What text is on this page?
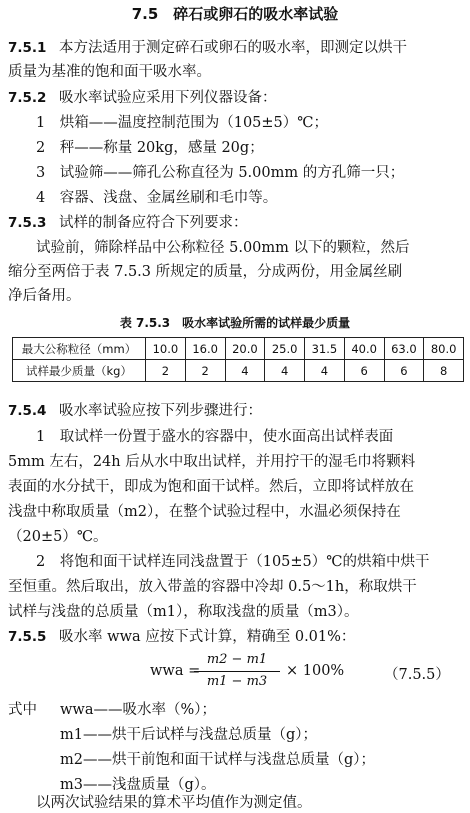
7.5　碎石或卵石的吸水率试验
7.5.1 本方法适用于测定碎石或卵石的吸水率，即测定以烘干
质量为基准的饱和面干吸水率。
7.5.2 吸水率试验应采用下列仪器设备：
1　烘箱——温度控制范围为（105±5）℃；
2　秤——称量 20kg，感量 20g；
3　试验筛——筛孔公称直径为 5.00mm 的方孔筛一只；
4　容器、浅盘、金属丝刷和毛巾等。
7.5.3 试样的制备应符合下列要求：
试验前，筛除样品中公称粒径 5.00mm 以下的颗粒，然后
缩分至两倍于表 7.5.3 所规定的质量，分成两份，用金属丝刷
净后备用。
表 7.5.3　吸水率试验所需的试样最少质量
最大公称粒径（mm）	10.0	16.0	20.0	25.0	31.5	40.0	63.0	80.0
试样最少质量（kg）	2	2	4	4	4	6	6	8
7.5.4 吸水率试验应按下列步骤进行：
1　取试样一份置于盛水的容器中，使水面高出试样表面
5mm 左右，24h 后从水中取出试样，并用拧干的湿毛巾将颗料
表面的水分拭干，即成为饱和面干试样。然后，立即将试样放在
浅盘中称取质量（m2），在整个试验过程中，水温必须保持在
（20±5）℃。
2　将饱和面干试样连同浅盘置于（105±5）℃的烘箱中烘干
至恒重。然后取出，放入带盖的容器中冷却 0.5～1h，称取烘干
试样与浅盘的总质量（m1），称取浅盘的质量（m3）。
7.5.5 吸水率 wwa 应按下式计算，精确至 0.01%：
wwa =
m2 − m1
m1 − m3
× 100%	（7.5.5）
式中	wwa——吸水率（%）；
m1——烘干后试样与浅盘总质量（g）；
m2——烘干前饱和面干试样与浅盘总质量（g）；
m3——浅盘质量（g）。
以两次试验结果的算术平均值作为测定值。
